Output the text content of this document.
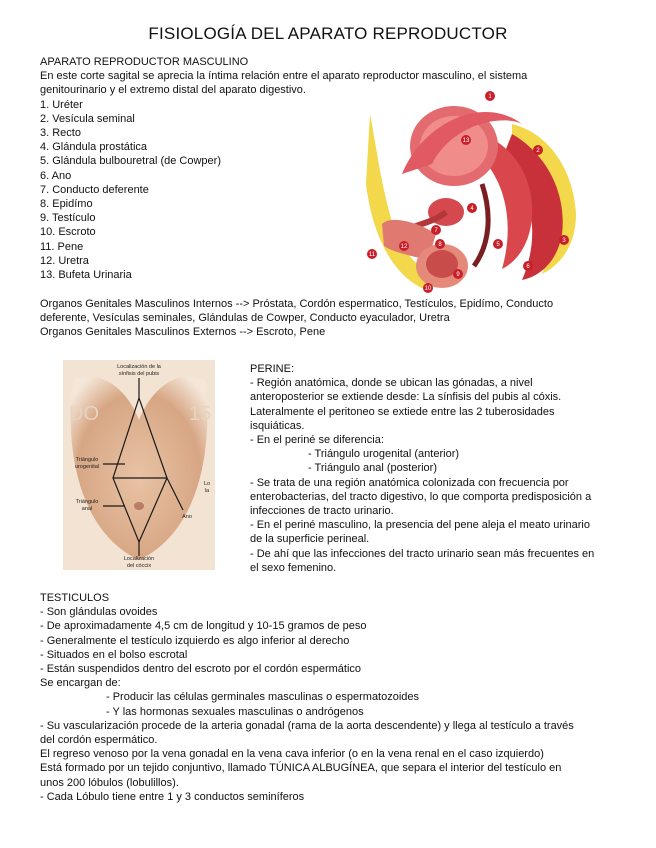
FISIOLOGÍA DEL APARATO REPRODUCTOR
APARATO REPRODUCTOR MASCULINO
En este corte sagital se aprecia la íntima relación entre el aparato reproductor masculino, el sistema
genitourinario y el extremo distal del aparato digestivo.
1. Uréter
2. Vesícula seminal
3. Recto
4. Glándula prostática
5. Glándula bulbouretral (de Cowper)
6. Ano
7. Conducto deferente
8. Epidímo
9. Testículo
10. Escroto
11. Pene
12. Uretra
13. Bufeta Urinaria
Organos Genitales Masculinos Internos --> Próstata, Cordón espermatico, Testículos, Epidímo, Conducto
deferente, Vesículas seminales, Glándulas de Cowper, Conducto eyaculador, Uretra
Organos Genitales Masculinos Externos --> Escroto, Pene
1
2
3
4
5
6
7
8
9
10
11
12
13
DO	15
Localización de la
sínfisis del pubis
Triángulo
urogenital
Triángulo
anal
Ano
Lo
la
Localización
del cóccix
PERINE:
- Región anatómica, donde se ubican las gónadas, a nivel
anteroposterior se extiende desde: La sínfisis del pubis al cóxis.
Lateralmente el peritoneo se extiede entre las 2 tuberosidades
isquiáticas.
- En el periné se diferencia:
- Triángulo urogenital (anterior)
- Triángulo anal (posterior)
- Se trata de una región anatómica colonizada con frecuencia por
enterobacterias, del tracto digestivo, lo que comporta predisposición a
infecciones de tracto urinario.
- En el periné masculino, la presencia del pene aleja el meato urinario
de la superficie perineal.
- De ahí que las infecciones del tracto urinario sean más frecuentes en
el sexo femenino.
TESTICULOS
- Son glándulas ovoides
- De aproximadamente 4,5 cm de longitud y 10-15 gramos de peso
- Generalmente el testículo izquierdo es algo inferior al derecho
- Situados en el bolso escrotal
- Están suspendidos dentro del escroto por el cordón espermático
Se encargan de:
- Producir las células germinales masculinas o espermatozoides
- Y las hormonas sexuales masculinas o andrógenos
- Su vascularización procede de la arteria gonadal (rama de la aorta descendente) y llega al testículo a través
del cordón espermático.
El regreso venoso por la vena gonadal en la vena cava inferior (o en la vena renal en el caso izquierdo)
Está formado por un tejido conjuntivo, llamado TÚNICA ALBUGÍNEA, que separa el interior del testículo en
unos 200 lóbulos (lobulillos).
- Cada Lóbulo tiene entre 1 y 3 conductos seminíferos
